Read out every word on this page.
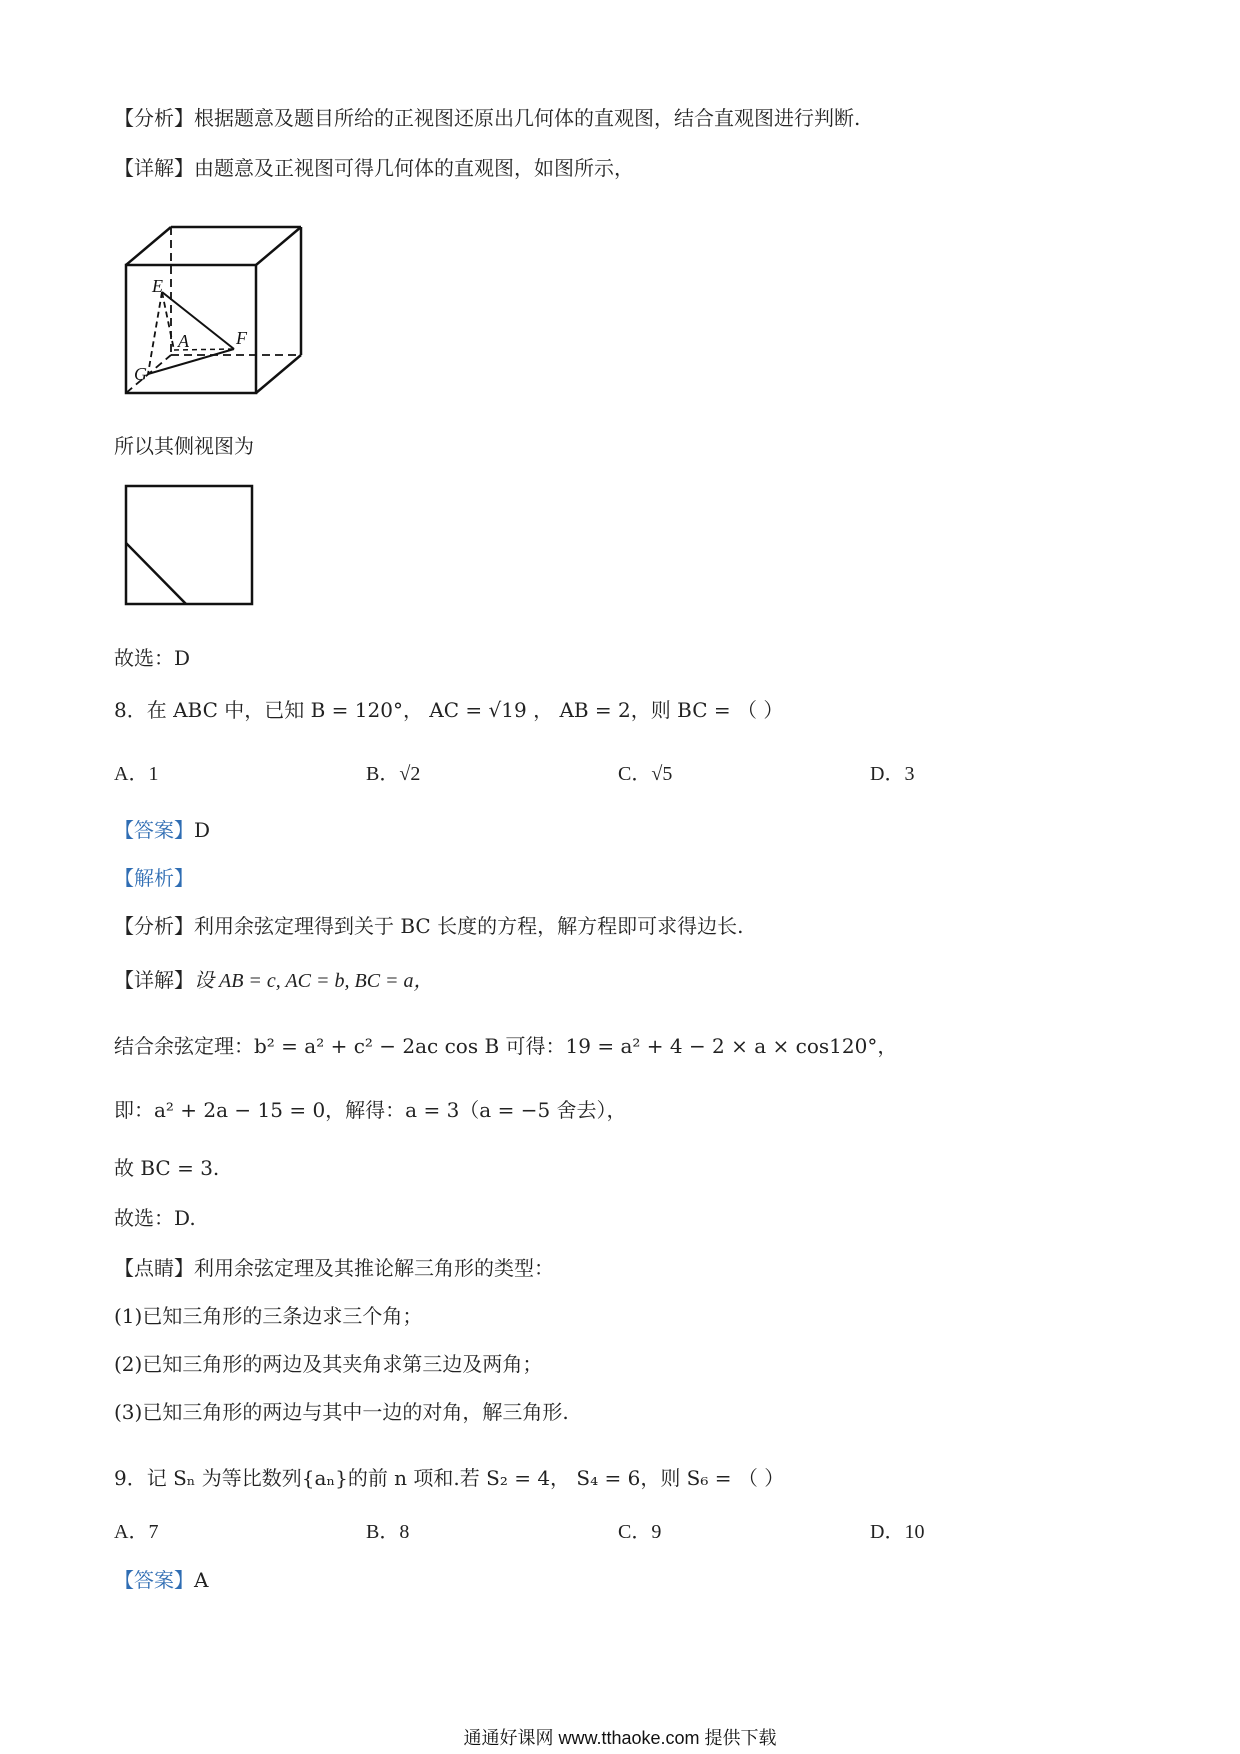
【分析】根据题意及题目所给的正视图还原出几何体的直观图，结合直观图进行判断.
【详解】由题意及正视图可得几何体的直观图，如图所示，
E
A	F
G
所以其侧视图为
故选：D
8．在 ABC 中，已知 B = 120°， AC = √19 ， AB = 2，则 BC = （ ）
A．1	B．√2	C．√5	D．3
【答案】D
【解析】
【分析】利用余弦定理得到关于 BC 长度的方程，解方程即可求得边长.
【详解】设 AB = c, AC = b, BC = a，
结合余弦定理：b² = a² + c² − 2ac cos B 可得：19 = a² + 4 − 2 × a × cos120°，
即：a² + 2a − 15 = 0，解得：a = 3（a = −5 舍去），
故 BC = 3.
故选：D.
【点睛】利用余弦定理及其推论解三角形的类型：
(1)已知三角形的三条边求三个角；
(2)已知三角形的两边及其夹角求第三边及两角；
(3)已知三角形的两边与其中一边的对角，解三角形.
9．记 Sₙ 为等比数列{aₙ}的前 n 项和.若 S₂ = 4， S₄ = 6，则 S₆ = （ ）
A．7	B．8	C．9	D．10
【答案】A
通通好课网 www.tthaoke.com 提供下载
